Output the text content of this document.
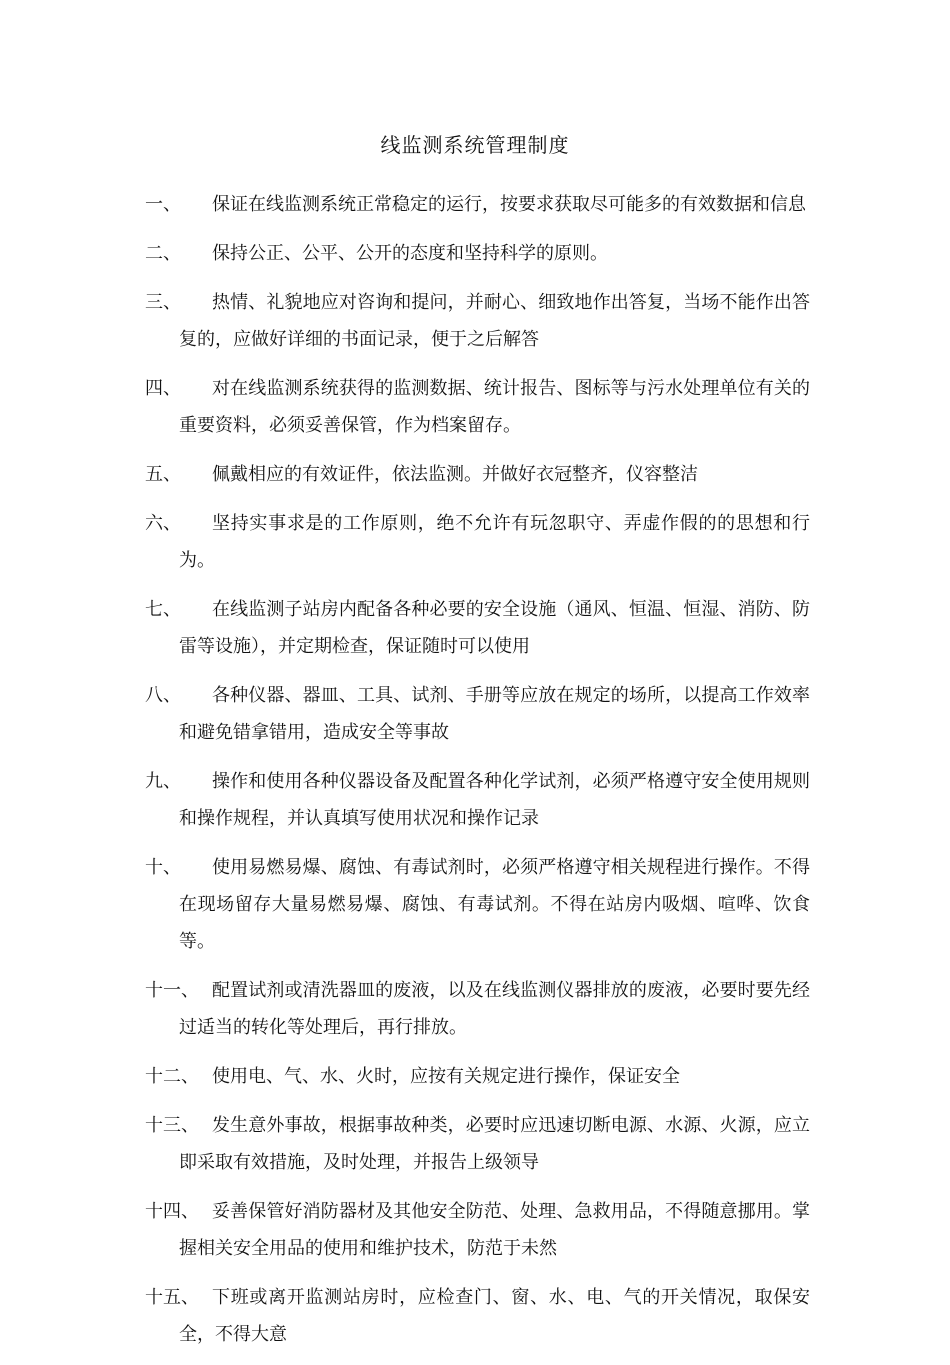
线监测系统管理制度
一、	保证在线监测系统正常稳定的运行，按要求获取尽可能多的有效数据和信息
二、	保持公正、公平、公开的态度和坚持科学的原则。
三、	热情、礼貌地应对咨询和提问，并耐心、细致地作出答复，当场不能作出答复的，应做好详细的书面记录，便于之后解答
四、	对在线监测系统获得的监测数据、统计报告、图标等与污水处理单位有关的重要资料，必须妥善保管，作为档案留存。
五、	佩戴相应的有效证件，依法监测。并做好衣冠整齐，仪容整洁
六、	坚持实事求是的工作原则，绝不允许有玩忽职守、弄虚作假的的思想和行为。
七、	在线监测子站房内配备各种必要的安全设施（通风、恒温、恒湿、消防、防雷等设施），并定期检查，保证随时可以使用
八、	各种仪器、器皿、工具、试剂、手册等应放在规定的场所，以提高工作效率和避免错拿错用，造成安全等事故
九、	操作和使用各种仪器设备及配置各种化学试剂，必须严格遵守安全使用规则和操作规程，并认真填写使用状况和操作记录
十、	使用易燃易爆、腐蚀、有毒试剂时，必须严格遵守相关规程进行操作。不得在现场留存大量易燃易爆、腐蚀、有毒试剂。不得在站房内吸烟、喧哗、饮食等。
十一、 配置试剂或清洗器皿的废液，以及在线监测仪器排放的废液，必要时要先经过适当的转化等处理后，再行排放。
十二、 使用电、气、水、火时，应按有关规定进行操作，保证安全
十三、 发生意外事故，根据事故种类，必要时应迅速切断电源、水源、火源，应立即采取有效措施，及时处理，并报告上级领导
十四、 妥善保管好消防器材及其他安全防范、处理、急救用品，不得随意挪用。掌握相关安全用品的使用和维护技术，防范于未然
十五、 下班或离开监测站房时，应检查门、窗、水、电、气的开关情况，取保安全，不得大意
